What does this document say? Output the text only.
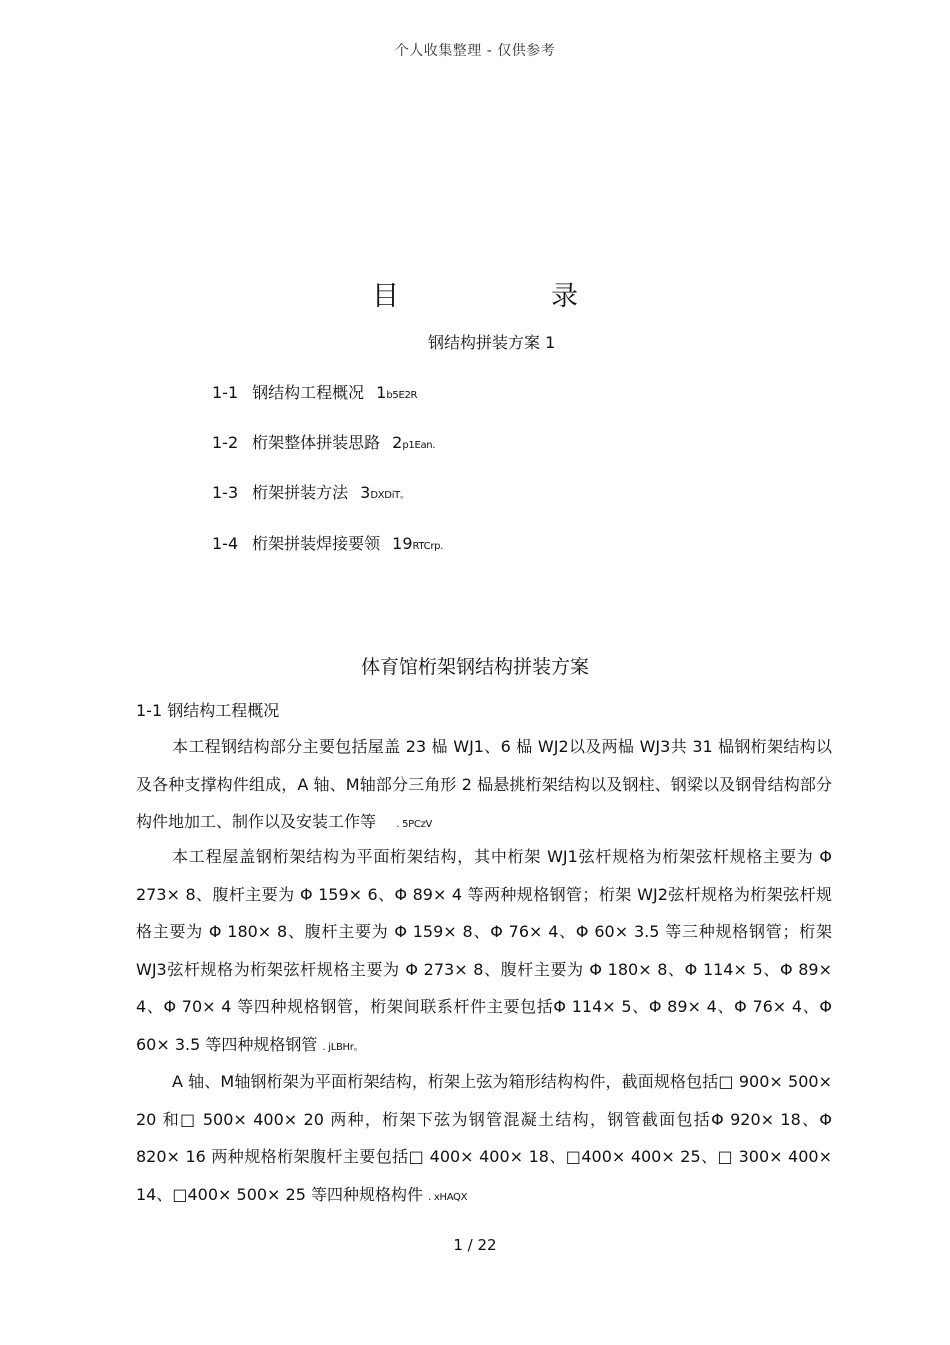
个人收集整理 - 仅供参考
目	录
钢结构拼装方案 1
1-1 钢结构工程概况 1b5E2R
1-2 桁架整体拼装思路 2p1Ean.
1-3 桁架拼装方法 3DXDiT。
1-4 桁架拼装焊接要领 19RTCrp.
体育馆桁架钢结构拼装方案
1-1 钢结构工程概况

本工程钢结构部分主要包括屋盖 23 榀 WJ1、6 榀 WJ2以及两榀 WJ3共 31 榀钢桁架结构以及各种支撑构件组成，A 轴、M轴部分三角形 2 榀悬挑桁架结构以及钢柱、钢梁以及钢骨结构部分构件地加工、制作以及安装工作等 . 5PCzV

本工程屋盖钢桁架结构为平面桁架结构，其中桁架 WJ1弦杆规格为桁架弦杆规格主要为 Φ 273× 8、腹杆主要为 Φ 159× 6、Φ 89× 4 等两种规格钢管；桁架 WJ2弦杆规格为桁架弦杆规格主要为 Φ 180× 8、腹杆主要为 Φ 159× 8、Φ 76× 4、Φ 60× 3.5 等三种规格钢管；桁架 WJ3弦杆规格为桁架弦杆规格主要为 Φ 273× 8、腹杆主要为 Φ 180× 8、Φ 114× 5、Φ 89× 4、Φ 70× 4 等四种规格钢管，桁架间联系杆件主要包括Φ 114× 5、Φ 89× 4、Φ 76× 4、Φ 60× 3.5 等四种规格钢管 . jLBHr。

A 轴、M轴钢桁架为平面桁架结构，桁架上弦为箱形结构构件，截面规格包括□ 900× 500× 20 和□ 500× 400× 20 两种，桁架下弦为钢管混凝土结构，钢管截面包括Φ 920× 18、Φ 820× 16 两种规格桁架腹杆主要包括□ 400× 400× 18、□400× 400× 25、□ 300× 400× 14、□400× 500× 25 等四种规格构件 . xHAQX

1 / 22
